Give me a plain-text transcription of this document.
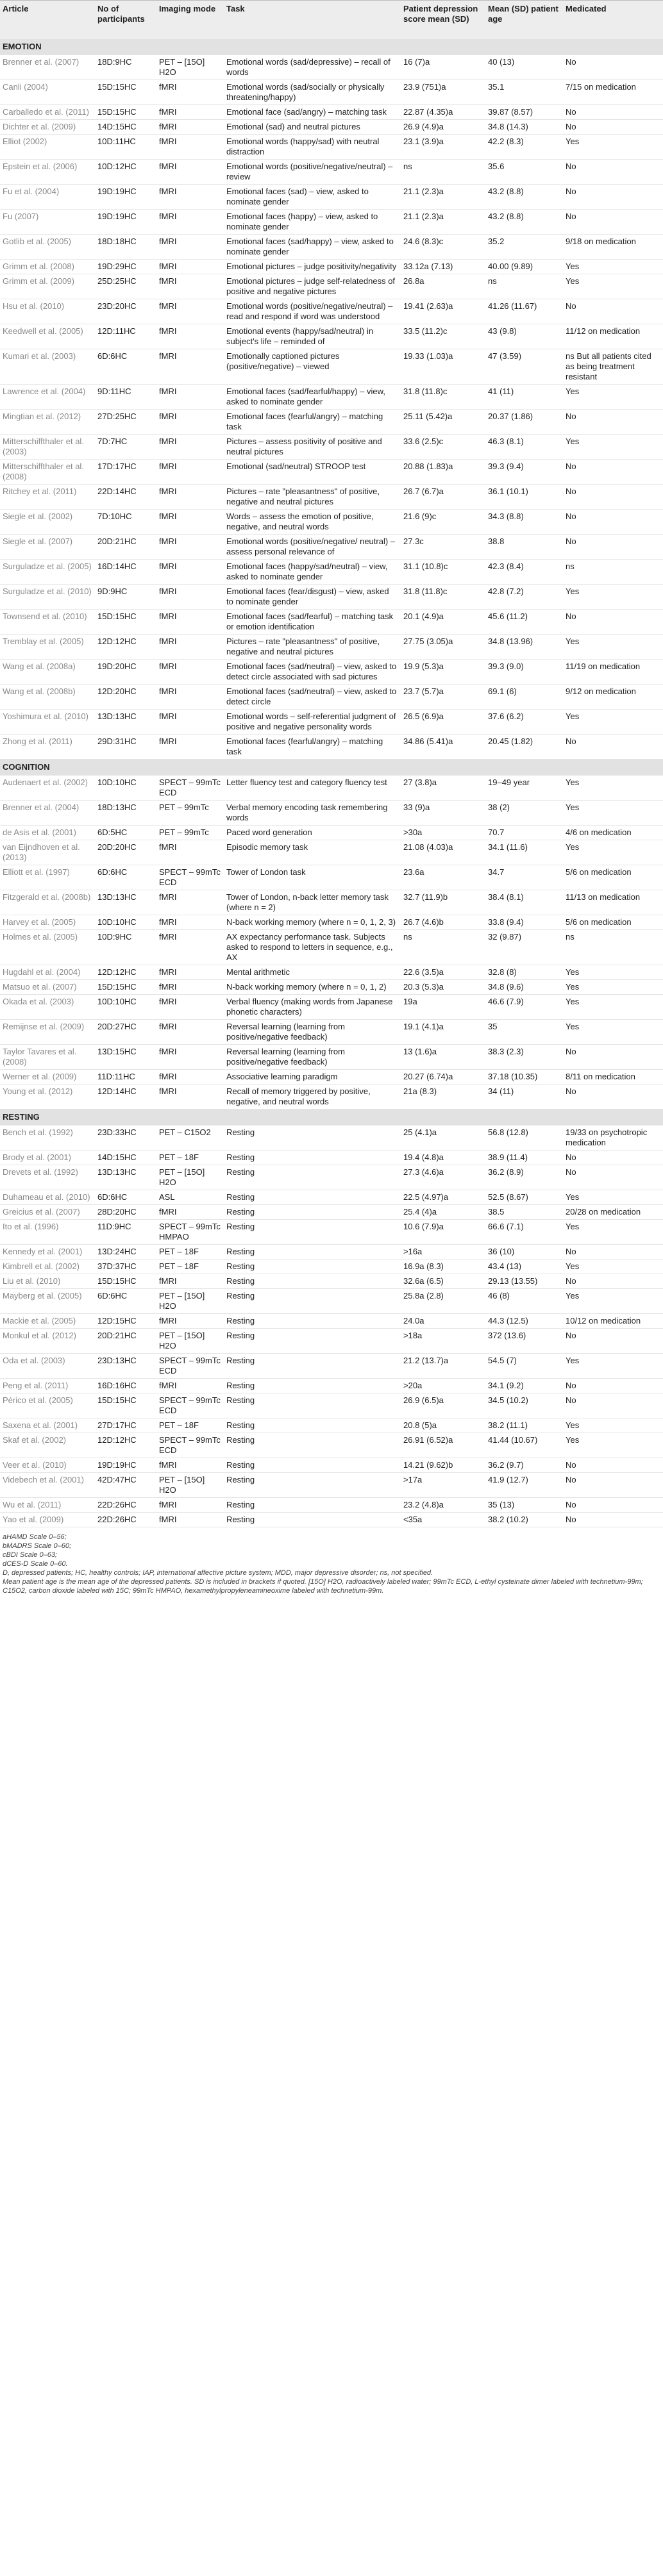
Article	No of participants	Imaging mode	Task	Patient depression score mean (SD)	Mean (SD) patient age	Medicated
EMOTION						
Brenner et al. (2007)	18D:9HC	PET – [15O] H2O	Emotional words (sad/depressive) – recall of words	16 (7)a	40 (13)	No
Canli (2004)	15D:15HC	fMRI	Emotional words (sad/socially or physically threatening/happy)	23.9 (751)a	35.1	7/15 on medication
Carballedo et al. (2011)	15D:15HC	fMRI	Emotional face (sad/angry) – matching task	22.87 (4.35)a	39.87 (8.57)	No
Dichter et al. (2009)	14D:15HC	fMRI	Emotional (sad) and neutral pictures	26.9 (4.9)a	34.8 (14.3)	No
Elliot (2002)	10D:11HC	fMRI	Emotional words (happy/sad) with neutral distraction	23.1 (3.9)a	42.2 (8.3)	Yes
Epstein et al. (2006)	10D:12HC	fMRI	Emotional words (positive/negative/neutral) – review	ns	35.6	No
Fu et al. (2004)	19D:19HC	fMRI	Emotional faces (sad) – view, asked to nominate gender	21.1 (2.3)a	43.2 (8.8)	No
Fu (2007)	19D:19HC	fMRI	Emotional faces (happy) – view, asked to nominate gender	21.1 (2.3)a	43.2 (8.8)	No
Gotlib et al. (2005)	18D:18HC	fMRI	Emotional faces (sad/happy) – view, asked to nominate gender	24.6 (8.3)c	35.2	9/18 on medication
Grimm et al. (2008)	19D:29HC	fMRI	Emotional pictures – judge positivity/negativity	33.12a (7.13)	40.00 (9.89)	Yes
Grimm et al. (2009)	25D:25HC	fMRI	Emotional pictures – judge self-relatedness of positive and negative pictures	26.8a	ns	Yes
Hsu et al. (2010)	23D:20HC	fMRI	Emotional words (positive/negative/neutral) – read and respond if word was understood	19.41 (2.63)a	41.26 (11.67)	No
Keedwell et al. (2005)	12D:11HC	fMRI	Emotional events (happy/sad/neutral) in subject's life – reminded of	33.5 (11.2)c	43 (9.8)	11/12 on medication
Kumari et al. (2003)	6D:6HC	fMRI	Emotionally captioned pictures (positive/negative) – viewed	19.33 (1.03)a	47 (3.59)	ns But all patients cited as being treatment resistant
Lawrence et al. (2004)	9D:11HC	fMRI	Emotional faces (sad/fearful/happy) – view, asked to nominate gender	31.8 (11.8)c	41 (11)	Yes
Mingtian et al. (2012)	27D:25HC	fMRI	Emotional faces (fearful/angry) – matching task	25.11 (5.42)a	20.37 (1.86)	No
Mitterschiffthaler et al. (2003)	7D:7HC	fMRI	Pictures – assess positivity of positive and neutral pictures	33.6 (2.5)c	46.3 (8.1)	Yes
Mitterschiffthaler et al. (2008)	17D:17HC	fMRI	Emotional (sad/neutral) STROOP test	20.88 (1.83)a	39.3 (9.4)	No
Ritchey et al. (2011)	22D:14HC	fMRI	Pictures – rate "pleasantness" of positive, negative and neutral pictures	26.7 (6.7)a	36.1 (10.1)	No
Siegle et al. (2002)	7D:10HC	fMRI	Words – assess the emotion of positive, negative, and neutral words	21.6 (9)c	34.3 (8.8)	No
Siegle et al. (2007)	20D:21HC	fMRI	Emotional words (positive/negative/ neutral) – assess personal relevance of	27.3c	38.8	No
Surguladze et al. (2005)	16D:14HC	fMRI	Emotional faces (happy/sad/neutral) – view, asked to nominate gender	31.1 (10.8)c	42.3 (8.4)	ns
Surguladze et al. (2010)	9D:9HC	fMRI	Emotional faces (fear/disgust) – view, asked to nominate gender	31.8 (11.8)c	42.8 (7.2)	Yes
Townsend et al. (2010)	15D:15HC	fMRI	Emotional faces (sad/fearful) – matching task or emotion identification	20.1 (4.9)a	45.6 (11.2)	No
Tremblay et al. (2005)	12D:12HC	fMRI	Pictures – rate "pleasantness" of positive, negative and neutral pictures	27.75 (3.05)a	34.8 (13.96)	Yes
Wang et al. (2008a)	19D:20HC	fMRI	Emotional faces (sad/neutral) – view, asked to detect circle associated with sad pictures	19.9 (5.3)a	39.3 (9.0)	11/19 on medication
Wang et al. (2008b)	12D:20HC	fMRI	Emotional faces (sad/neutral) – view, asked to detect circle	23.7 (5.7)a	69.1 (6)	9/12 on medication
Yoshimura et al. (2010)	13D:13HC	fMRI	Emotional words – self-referential judgment of positive and negative personality words	26.5 (6.9)a	37.6 (6.2)	Yes
Zhong et al. (2011)	29D:31HC	fMRI	Emotional faces (fearful/angry) – matching task	34.86 (5.41)a	20.45 (1.82)	No
COGNITION						
Audenaert et al. (2002)	10D:10HC	SPECT – 99mTc ECD	Letter fluency test and category fluency test	27 (3.8)a	19–49 year	Yes
Brenner et al. (2004)	18D:13HC	PET – 99mTc	Verbal memory encoding task remembering words	33 (9)a	38 (2)	Yes
de Asis et al. (2001)	6D:5HC	PET – 99mTc	Paced word generation	>30a	70.7	4/6 on medication
van Eijndhoven et al. (2013)	20D:20HC	fMRI	Episodic memory task	21.08 (4.03)a	34.1 (11.6)	Yes
Elliott et al. (1997)	6D:6HC	SPECT – 99mTc ECD	Tower of London task	23.6a	34.7	5/6 on medication
Fitzgerald et al. (2008b)	13D:13HC	fMRI	Tower of London, n-back letter memory task (where n = 2)	32.7 (11.9)b	38.4 (8.1)	11/13 on medication
Harvey et al. (2005)	10D:10HC	fMRI	N-back working memory (where n = 0, 1, 2, 3)	26.7 (4.6)b	33.8 (9.4)	5/6 on medication
Holmes et al. (2005)	10D:9HC	fMRI	AX expectancy performance task. Subjects asked to respond to letters in sequence, e.g., AX	ns	32 (9.87)	ns
Hugdahl et al. (2004)	12D:12HC	fMRI	Mental arithmetic	22.6 (3.5)a	32.8 (8)	Yes
Matsuo et al. (2007)	15D:15HC	fMRI	N-back working memory (where n = 0, 1, 2)	20.3 (5.3)a	34.8 (9.6)	Yes
Okada et al. (2003)	10D:10HC	fMRI	Verbal fluency (making words from Japanese phonetic characters)	19a	46.6 (7.9)	Yes
Remijnse et al. (2009)	20D:27HC	fMRI	Reversal learning (learning from positive/negative feedback)	19.1 (4.1)a	35	Yes
Taylor Tavares et al. (2008)	13D:15HC	fMRI	Reversal learning (learning from positive/negative feedback)	13 (1.6)a	38.3 (2.3)	No
Werner et al. (2009)	11D:11HC	fMRI	Associative learning paradigm	20.27 (6.74)a	37.18 (10.35)	8/11 on medication
Young et al. (2012)	12D:14HC	fMRI	Recall of memory triggered by positive, negative, and neutral words	21a (8.3)	34 (11)	No
RESTING						
Bench et al. (1992)	23D:33HC	PET – C15O2	Resting	25 (4.1)a	56.8 (12.8)	19/33 on psychotropic medication
Brody et al. (2001)	14D:15HC	PET – 18F	Resting	19.4 (4.8)a	38.9 (11.4)	No
Drevets et al. (1992)	13D:13HC	PET – [15O] H2O	Resting	27.3 (4.6)a	36.2 (8.9)	No
Duhameau et al. (2010)	6D:6HC	ASL	Resting	22.5 (4.97)a	52.5 (8.67)	Yes
Greicius et al. (2007)	28D:20HC	fMRI	Resting	25.4 (4)a	38.5	20/28 on medication
Ito et al. (1996)	11D:9HC	SPECT – 99mTc HMPAO	Resting	10.6 (7.9)a	66.6 (7.1)	Yes
Kennedy et al. (2001)	13D:24HC	PET – 18F	Resting	>16a	36 (10)	No
Kimbrell et al. (2002)	37D:37HC	PET – 18F	Resting	16.9a (8.3)	43.4 (13)	Yes
Liu et al. (2010)	15D:15HC	fMRI	Resting	32.6a (6.5)	29.13 (13.55)	No
Mayberg et al. (2005)	6D:6HC	PET – [15O] H2O	Resting	25.8a (2.8)	46 (8)	Yes
Mackie et al. (2005)	12D:15HC	fMRI	Resting	24.0a	44.3 (12.5)	10/12 on medication
Monkul et al. (2012)	20D:21HC	PET – [15O] H2O	Resting	>18a	372 (13.6)	No
Oda et al. (2003)	23D:13HC	SPECT – 99mTc ECD	Resting	21.2 (13.7)a	54.5 (7)	Yes
Peng et al. (2011)	16D:16HC	fMRI	Resting	>20a	34.1 (9.2)	No
Périco et al. (2005)	15D:15HC	SPECT – 99mTc ECD	Resting	26.9 (6.5)a	34.5 (10.2)	No
Saxena et al. (2001)	27D:17HC	PET – 18F	Resting	20.8 (5)a	38.2 (11.1)	Yes
Skaf et al. (2002)	12D:12HC	SPECT – 99mTc ECD	Resting	26.91 (6.52)a	41.44 (10.67)	Yes
Veer et al. (2010)	19D:19HC	fMRI	Resting	14.21 (9.62)b	36.2 (9.7)	No
Videbech et al. (2001)	42D:47HC	PET – [15O] H2O	Resting	>17a	41.9 (12.7)	No
Wu et al. (2011)	22D:26HC	fMRI	Resting	23.2 (4.8)a	35 (13)	No
Yao et al. (2009)	22D:26HC	fMRI	Resting	<35a	38.2 (10.2)	No
aHAMD Scale 0–56;
bMADRS Scale 0–60;
cBDI Scale 0–63;
dCES-D Scale 0–60.
D, depressed patients; HC, healthy controls; IAP, international affective picture system; MDD, major depressive disorder; ns, not specified.
Mean patient age is the mean age of the depressed patients. SD is included in brackets if quoted. [15O] H2O, radioactively labeled water; 99mTc ECD, L-ethyl cysteinate dimer labeled with technetium-99m; C15O2, carbon dioxide labeled with 15C; 99mTc HMPAO, hexamethylpropyleneamineoxime labeled with technetium-99m.
